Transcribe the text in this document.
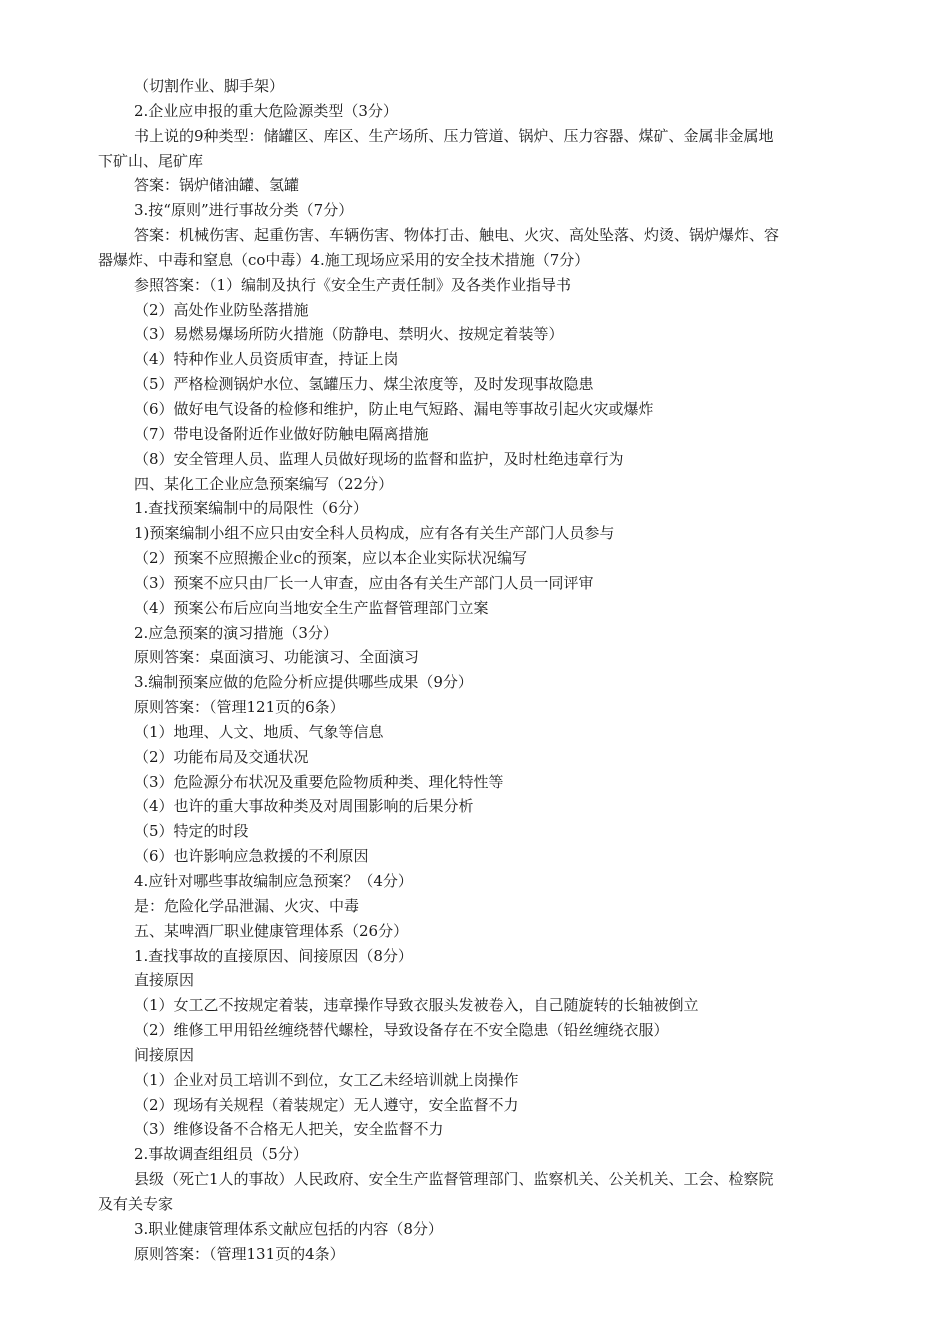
（切割作业、脚手架）
2.企业应申报的重大危险源类型（3分）
书上说的9种类型：储罐区、库区、生产场所、压力管道、锅炉、压力容器、煤矿、金属非金属地
下矿山、尾矿库
答案：锅炉储油罐、氢罐
3.按“原则”进行事故分类（7分）
答案：机械伤害、起重伤害、车辆伤害、物体打击、触电、火灾、高处坠落、灼烫、锅炉爆炸、容
器爆炸、中毒和窒息（co中毒）4.施工现场应采用的安全技术措施（7分）
参照答案：（1）编制及执行《安全生产责任制》及各类作业指导书
（2）高处作业防坠落措施
（3）易燃易爆场所防火措施（防静电、禁明火、按规定着装等）
（4）特种作业人员资质审查，持证上岗
（5）严格检测锅炉水位、氢罐压力、煤尘浓度等，及时发现事故隐患
（6）做好电气设备的检修和维护，防止电气短路、漏电等事故引起火灾或爆炸
（7）带电设备附近作业做好防触电隔离措施
（8）安全管理人员、监理人员做好现场的监督和监护，及时杜绝违章行为
四、某化工企业应急预案编写（22分）
1.查找预案编制中的局限性（6分）
1)预案编制小组不应只由安全科人员构成，应有各有关生产部门人员参与
（2）预案不应照搬企业c的预案，应以本企业实际状况编写
（3）预案不应只由厂长一人审查，应由各有关生产部门人员一同评审
（4）预案公布后应向当地安全生产监督管理部门立案
2.应急预案的演习措施（3分）
原则答案：桌面演习、功能演习、全面演习
3.编制预案应做的危险分析应提供哪些成果（9分）
原则答案：（管理121页的6条）
（1）地理、人文、地质、气象等信息
（2）功能布局及交通状况
（3）危险源分布状况及重要危险物质种类、理化特性等
（4）也许的重大事故种类及对周围影响的后果分析
（5）特定的时段
（6）也许影响应急救援的不利原因
4.应针对哪些事故编制应急预案？（4分）
是：危险化学品泄漏、火灾、中毒
五、某啤酒厂职业健康管理体系（26分）
1.查找事故的直接原因、间接原因（8分）
直接原因
（1）女工乙不按规定着装，违章操作导致衣服头发被卷入，自己随旋转的长轴被倒立
（2）维修工甲用铅丝缠绕替代螺栓，导致设备存在不安全隐患（铅丝缠绕衣服）
间接原因
（1）企业对员工培训不到位，女工乙未经培训就上岗操作
（2）现场有关规程（着装规定）无人遵守，安全监督不力
（3）维修设备不合格无人把关，安全监督不力
2.事故调查组组员（5分）
县级（死亡1人的事故）人民政府、安全生产监督管理部门、监察机关、公关机关、工会、检察院
及有关专家
3.职业健康管理体系文献应包括的内容（8分）
原则答案：（管理131页的4条）
